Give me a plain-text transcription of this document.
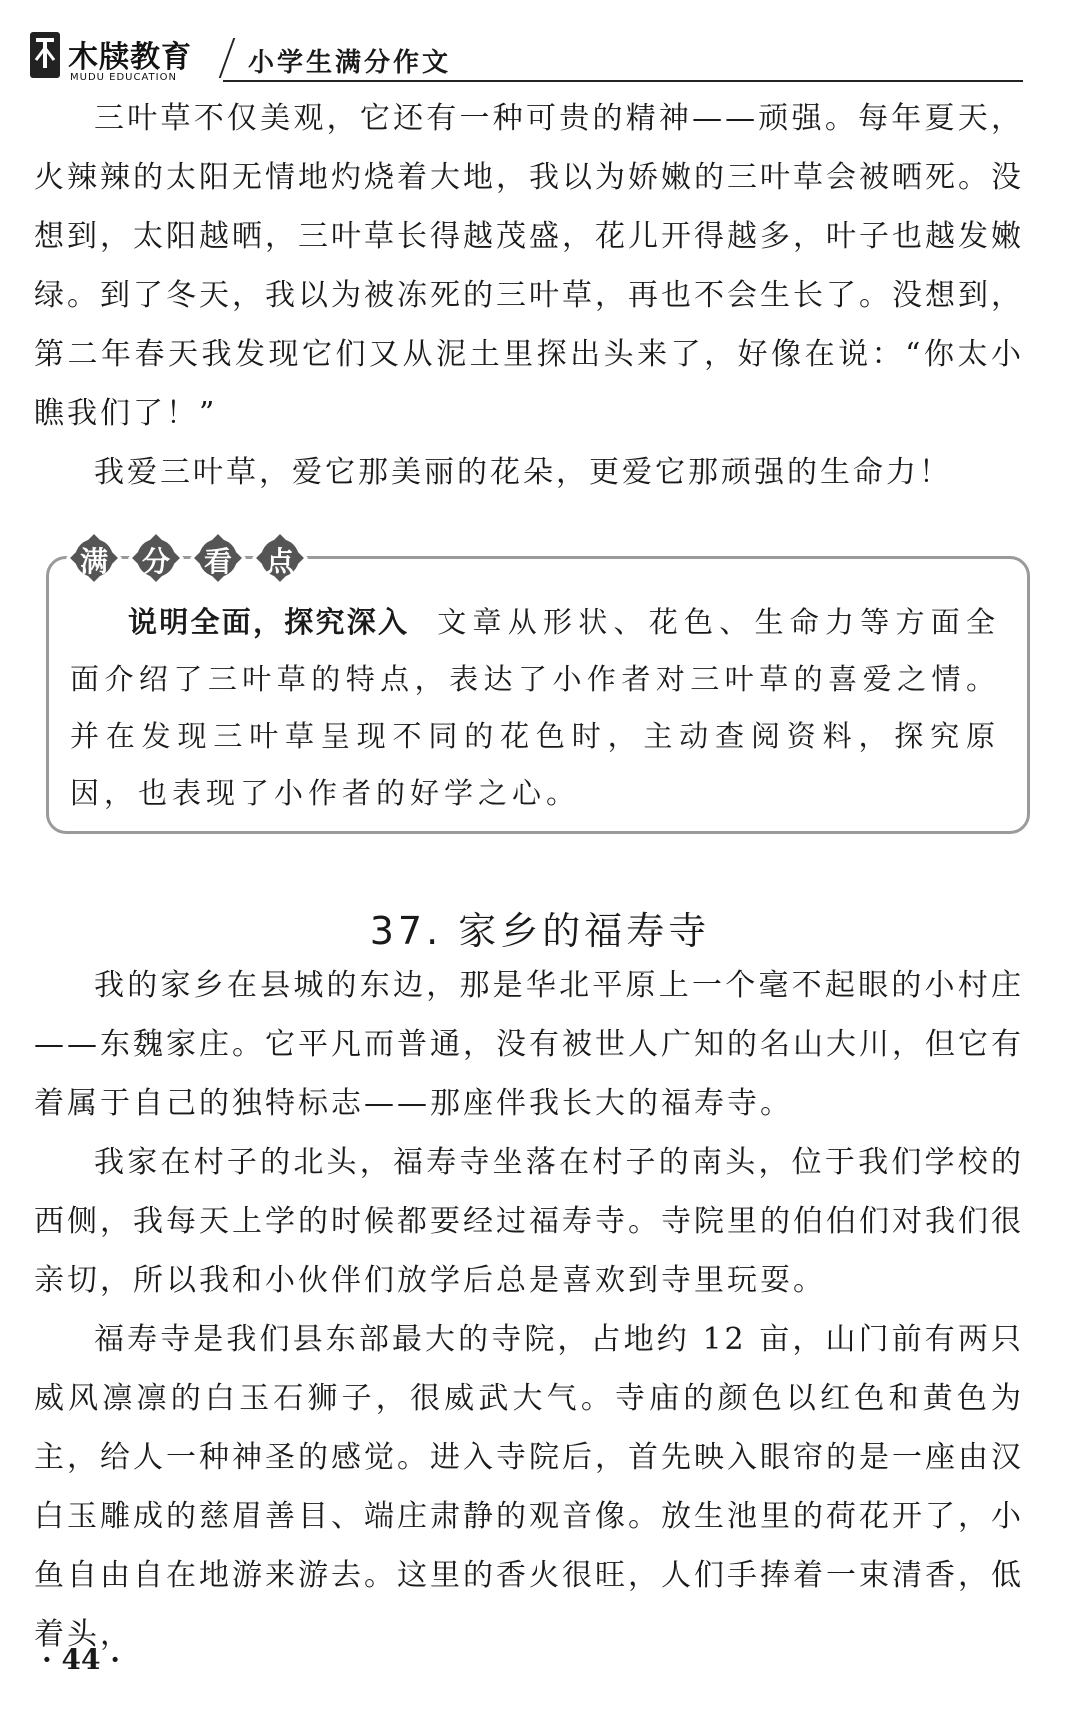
木牍教育
MUDU EDUCATION	小学生满分作文

三叶草不仅美观，它还有一种可贵的精神——顽强。每年夏天，火辣辣的太阳无情地灼烧着大地，我以为娇嫩的三叶草会被晒死。没想到，太阳越晒，三叶草长得越茂盛，花儿开得越多，叶子也越发嫩绿。到了冬天，我以为被冻死的三叶草，再也不会生长了。没想到，第二年春天我发现它们又从泥土里探出头来了，好像在说：“你太小瞧我们了！”

我爱三叶草，爱它那美丽的花朵，更爱它那顽强的生命力！

满	分	看	点

说明全面，探究深入 文章从形状、花色、生命力等方面全面介绍了三叶草的特点，表达了小作者对三叶草的喜爱之情。并在发现三叶草呈现不同的花色时，主动查阅资料，探究原因，也表现了小作者的好学之心。

37. 家乡的福寿寺

我的家乡在县城的东边，那是华北平原上一个毫不起眼的小村庄——东魏家庄。它平凡而普通，没有被世人广知的名山大川，但它有着属于自己的独特标志——那座伴我长大的福寿寺。

我家在村子的北头，福寿寺坐落在村子的南头，位于我们学校的西侧，我每天上学的时候都要经过福寿寺。寺院里的伯伯们对我们很亲切，所以我和小伙伴们放学后总是喜欢到寺里玩耍。

福寿寺是我们县东部最大的寺院，占地约 12 亩，山门前有两只威风凛凛的白玉石狮子，很威武大气。寺庙的颜色以红色和黄色为主，给人一种神圣的感觉。进入寺院后，首先映入眼帘的是一座由汉白玉雕成的慈眉善目、端庄肃静的观音像。放生池里的荷花开了，小鱼自由自在地游来游去。这里的香火很旺，人们手捧着一束清香，低着头，

· 44 ·
